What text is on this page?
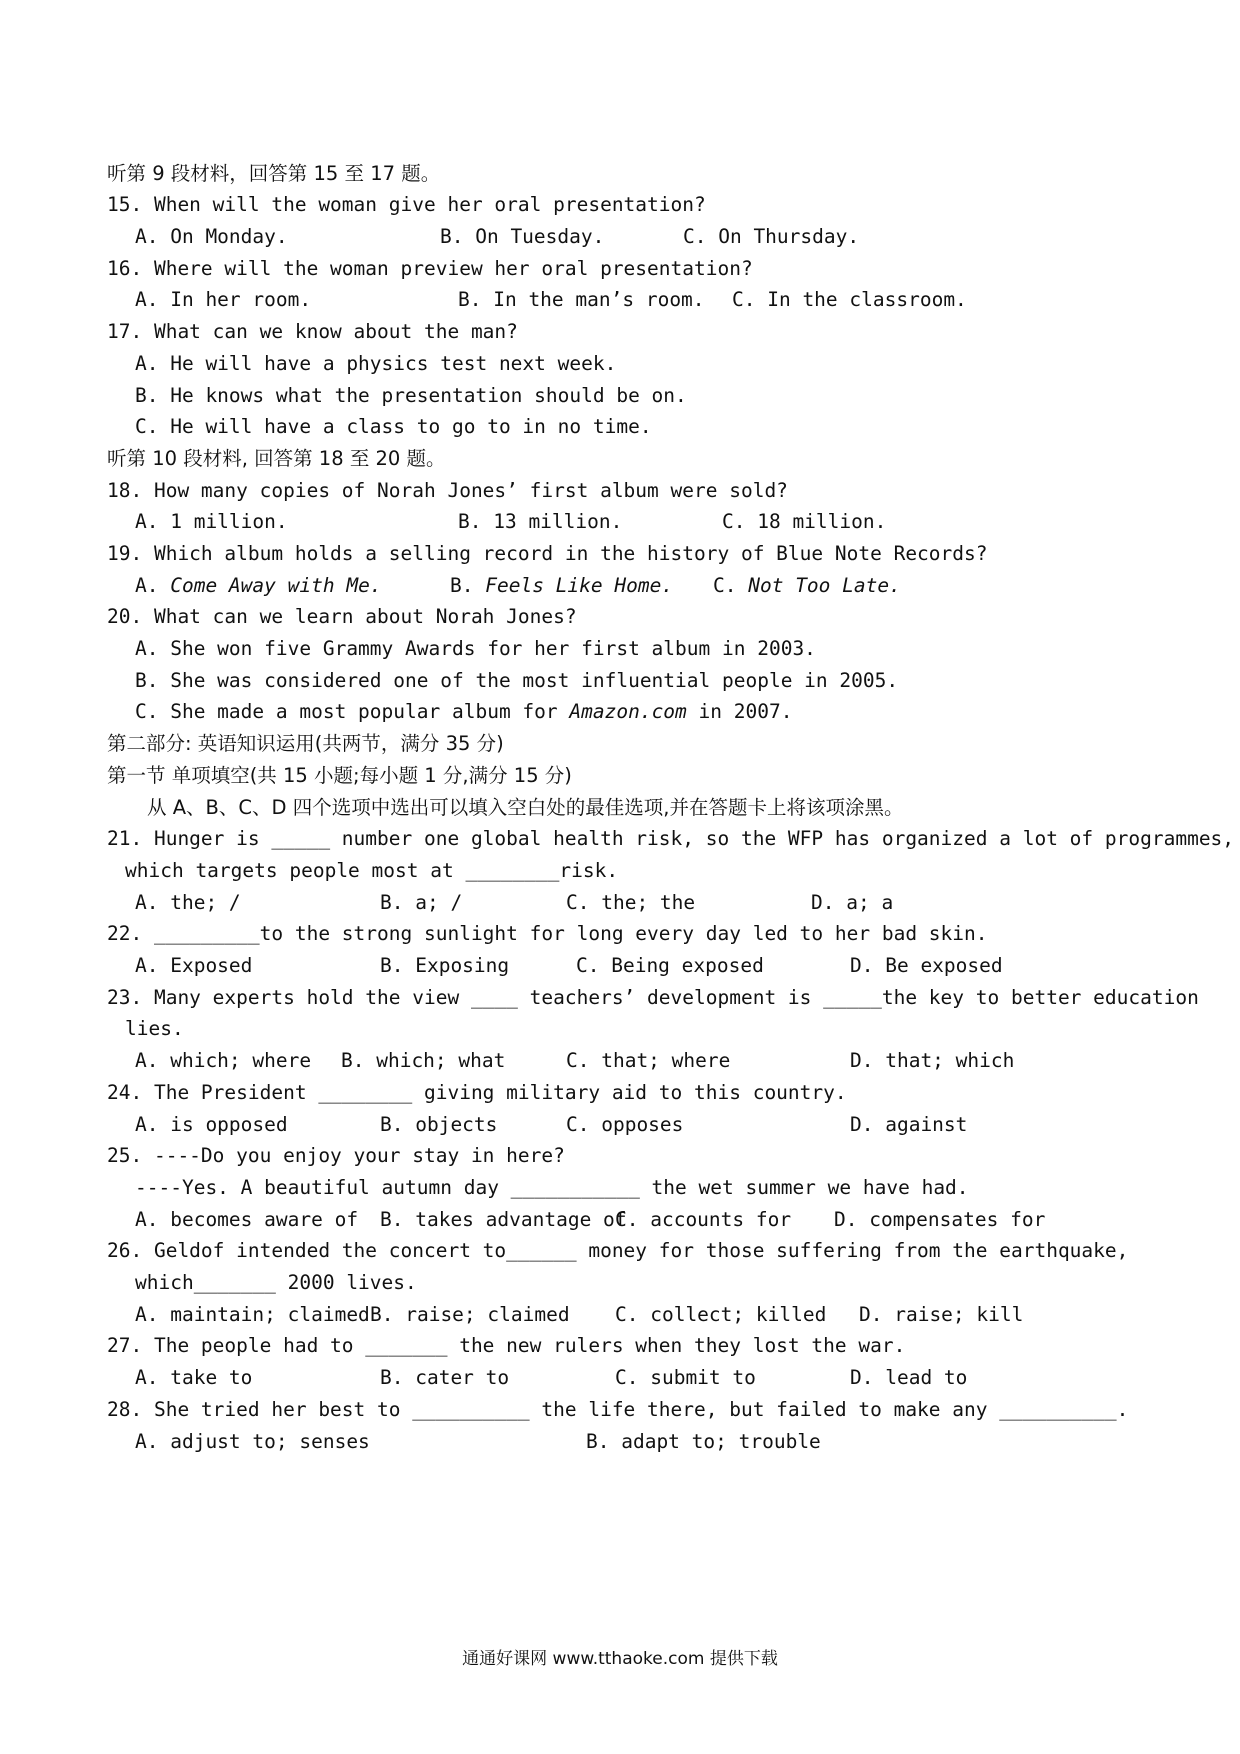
听第 9 段材料，回答第 15 至 17 题。
15. When will the woman give her oral presentation?
A. On Monday.	B. On Tuesday.	C. On Thursday.
16. Where will the woman preview her oral presentation?
A. In her room.	B. In the man’s room. C. In the classroom.
17. What can we know about the man?
A. He will have a physics test next week.
B. He knows what the presentation should be on.
C. He will have a class to go to in no time.
听第 10 段材料, 回答第 18 至 20 题。
18. How many copies of Norah Jones’ first album were sold?
A. 1 million.	B. 13 million.	C. 18 million.
19. Which album holds a selling record in the history of Blue Note Records?
A. Come Away with Me.	B. Feels Like Home. C. Not Too Late.
20. What can we learn about Norah Jones?
A. She won five Grammy Awards for her first album in 2003.
B. She was considered one of the most influential people in 2005.
C. She made a most popular album for Amazon.com in 2007.
第二部分: 英语知识运用(共两节，满分 35 分)
第一节 单项填空(共 15 小题;每小题 1 分,满分 15 分)
从 A、B、C、D 四个选项中选出可以填入空白处的最佳选项,并在答题卡上将该项涂黑。
21. Hunger is _____ number one global health risk, so the WFP has organized a lot of programmes,
which targets people most at ________risk.
A. the; /	B. a; /	C. the; the	D. a; a
22. _________to the strong sunlight for long every day led to her bad skin.
A. Exposed	B. Exposing	C. Being exposed	D. Be exposed
23. Many experts hold the view ____ teachers’ development is _____the key to better education
lies.
A. which; where B. which; what	C. that; where	D. that; which
24. The President ________ giving military aid to this country.
A. is opposed	B. objects	C. opposes	D. against
25. ----Do you enjoy your stay in here?
----Yes. A beautiful autumn day ___________ the wet summer we have had.
A. becomes aware of B. takes advantage of
C. accounts for D. compensates for
26. Geldof intended the concert to______ money for those suffering from the earthquake,
which_______ 2000 lives.
A. maintain; claimed B. raise; claimed C. collect; killed D. raise; kill
27. The people had to _______ the new rulers when they lost the war.
A. take to	B. cater to	C. submit to	D. lead to
28. She tried her best to __________ the life there, but failed to make any __________.
A. adjust to; senses	B. adapt to; trouble
通通好课网 www.tthaoke.com 提供下载
